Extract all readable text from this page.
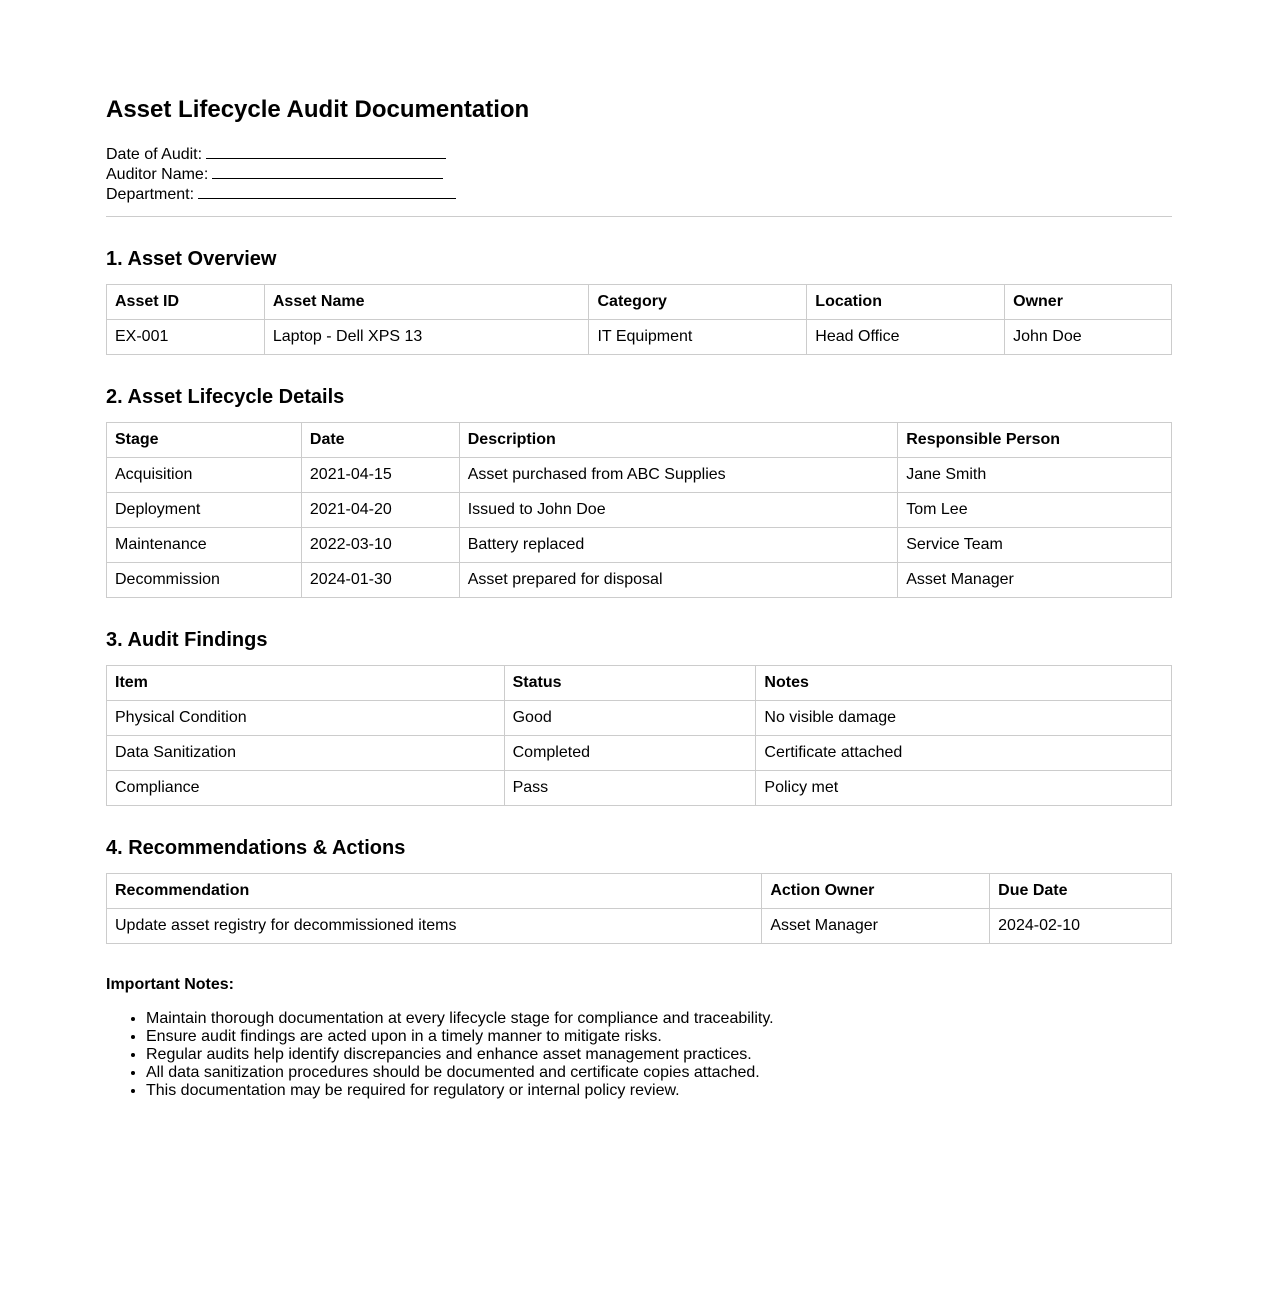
Asset Lifecycle Audit Documentation
Date of Audit:
Auditor Name:
Department:
1. Asset Overview
Asset ID	Asset Name	Category	Location	Owner
EX-001	Laptop - Dell XPS 13	IT Equipment	Head Office	John Doe
2. Asset Lifecycle Details
Stage	Date	Description	Responsible Person
Acquisition	2021-04-15	Asset purchased from ABC Supplies	Jane Smith
Deployment	2021-04-20	Issued to John Doe	Tom Lee
Maintenance	2022-03-10	Battery replaced	Service Team
Decommission	2024-01-30	Asset prepared for disposal	Asset Manager
3. Audit Findings
Item	Status	Notes
Physical Condition	Good	No visible damage
Data Sanitization	Completed	Certificate attached
Compliance	Pass	Policy met
4. Recommendations & Actions
Recommendation	Action Owner	Due Date
Update asset registry for decommissioned items	Asset Manager	2024-02-10

Important Notes:

• Maintain thorough documentation at every lifecycle stage for compliance and traceability.
• Ensure audit findings are acted upon in a timely manner to mitigate risks.
• Regular audits help identify discrepancies and enhance asset management practices.
• All data sanitization procedures should be documented and certificate copies attached.
• This documentation may be required for regulatory or internal policy review.
